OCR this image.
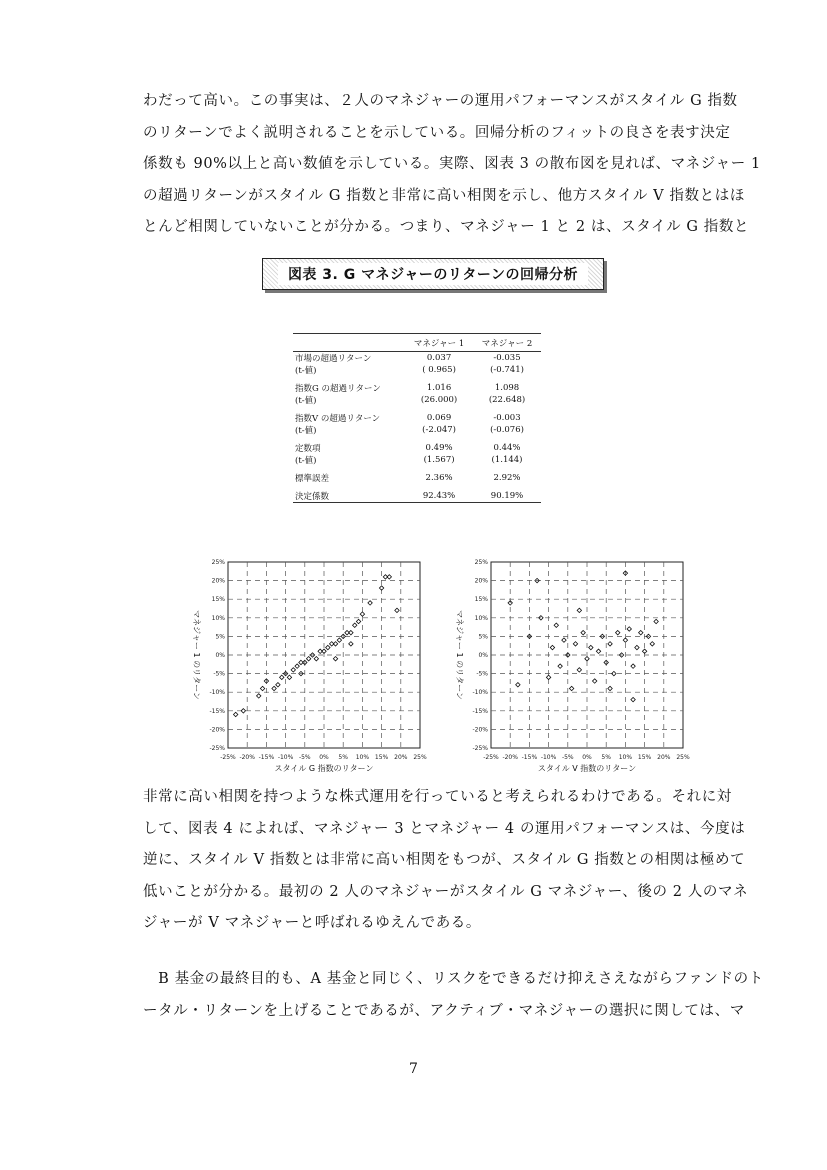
わだって高い。この事実は、２人のマネジャーの運用パフォーマンスがスタイル G 指数
のリターンでよく説明されることを示している。回帰分析のフィットの良さを表す決定
係数も 90%以上と高い数値を示している。実際、図表 3 の散布図を見れば、マネジャー 1
の超過リターンがスタイル G 指数と非常に高い相関を示し、他方スタイル V 指数とはほ
とんど相関していないことが分かる。つまり、マネジャー 1 と 2 は、スタイル G 指数と
図表 3. G マネジャーのリターンの回帰分析
	マネジャー 1	マネジャー 2
市場の超過リターン	0.037	-0.035
(t-値)	( 0.965)	(-0.741)
指数G の超過リターン	1.016	1.098
(t-値)	(26.000)	(22.648)
指数V の超過リターン	0.069	-0.003
(t-値)	(-2.047)	(-0.076)
定数項	0.49%	0.44%
(t-値)	(1.567)	(1.144)
標準誤差	2.36%	2.92%
決定係数	92.43%	90.19%
-25% -20% -15% -10% -5% 0% 5% 10% 15% 20% 25%
25%
20%
15%
10%
5%
0%
-5%
-10%
-15%
-20%
-25%
スタイル G 指数のリターン
マネジャー 1 のリターン
-25% -20% -15% -10% -5% 0% 5% 10% 15% 20% 25%
25%
20%
15%
10%
5%
0%
-5%
-10%
-15%
-20%
-25%
スタイル V 指数のリターン
マネジャー 1 のリターン
非常に高い相関を持つような株式運用を行っていると考えられるわけである。それに対
して、図表 4 によれば、マネジャー 3 とマネジャー 4 の運用パフォーマンスは、今度は
逆に、スタイル V 指数とは非常に高い相関をもつが、スタイル G 指数との相関は極めて
低いことが分かる。最初の 2 人のマネジャーがスタイル G マネジャー、後の 2 人のマネ
ジャーが V マネジャーと呼ばれるゆえんである。
　B 基金の最終目的も、A 基金と同じく、リスクをできるだけ抑えさえながらファンドのト
ータル・リターンを上げることであるが、アクティブ・マネジャーの選択に関しては、マ
7
